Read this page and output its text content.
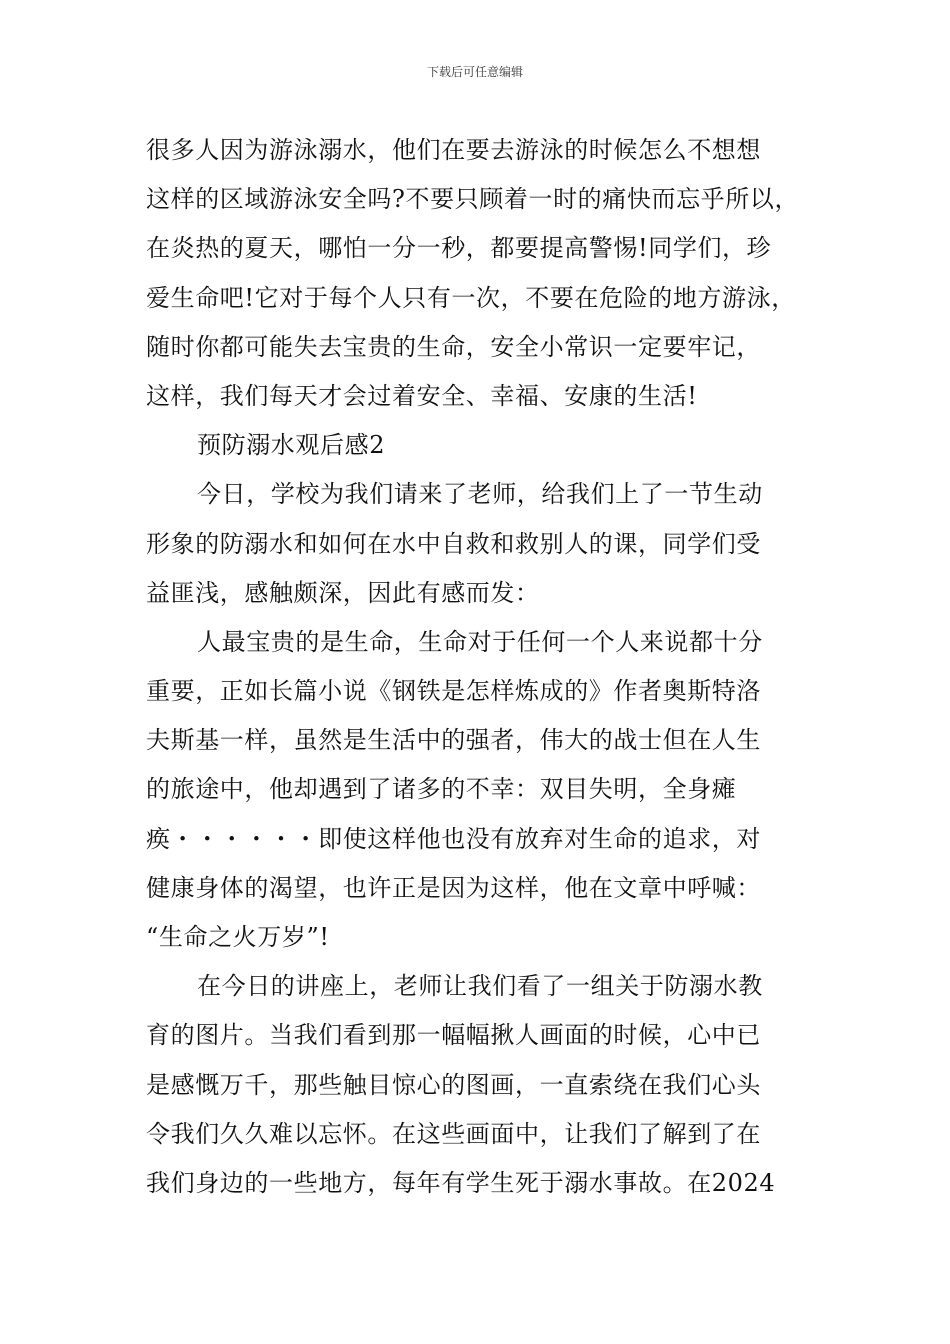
下载后可任意编辑
很多人因为游泳溺水，他们在要去游泳的时候怎么不想想
这样的区域游泳安全吗?不要只顾着一时的痛快而忘乎所以，
在炎热的夏天，哪怕一分一秒，都要提高警惕!同学们，珍
爱生命吧!它对于每个人只有一次，不要在危险的地方游泳，
随时你都可能失去宝贵的生命，安全小常识一定要牢记，
这样，我们每天才会过着安全、幸福、安康的生活!
预防溺水观后感2
今日，学校为我们请来了老师，给我们上了一节生动
形象的防溺水和如何在水中自救和救别人的课，同学们受
益匪浅，感触颇深，因此有感而发：
人最宝贵的是生命，生命对于任何一个人来说都十分
重要，正如长篇小说《钢铁是怎样炼成的》作者奥斯特洛
夫斯基一样，虽然是生活中的强者，伟大的战士但在人生
的旅途中，他却遇到了诸多的不幸：双目失明，全身瘫
痪・・・・・・即使这样他也没有放弃对生命的追求，对
健康身体的渴望，也许正是因为这样，他在文章中呼喊：
“生命之火万岁”!
在今日的讲座上，老师让我们看了一组关于防溺水教
育的图片。当我们看到那一幅幅揪人画面的时候，心中已
是感慨万千，那些触目惊心的图画，一直索绕在我们心头
令我们久久难以忘怀。在这些画面中，让我们了解到了在
我们身边的一些地方，每年有学生死于溺水事故。在2024
